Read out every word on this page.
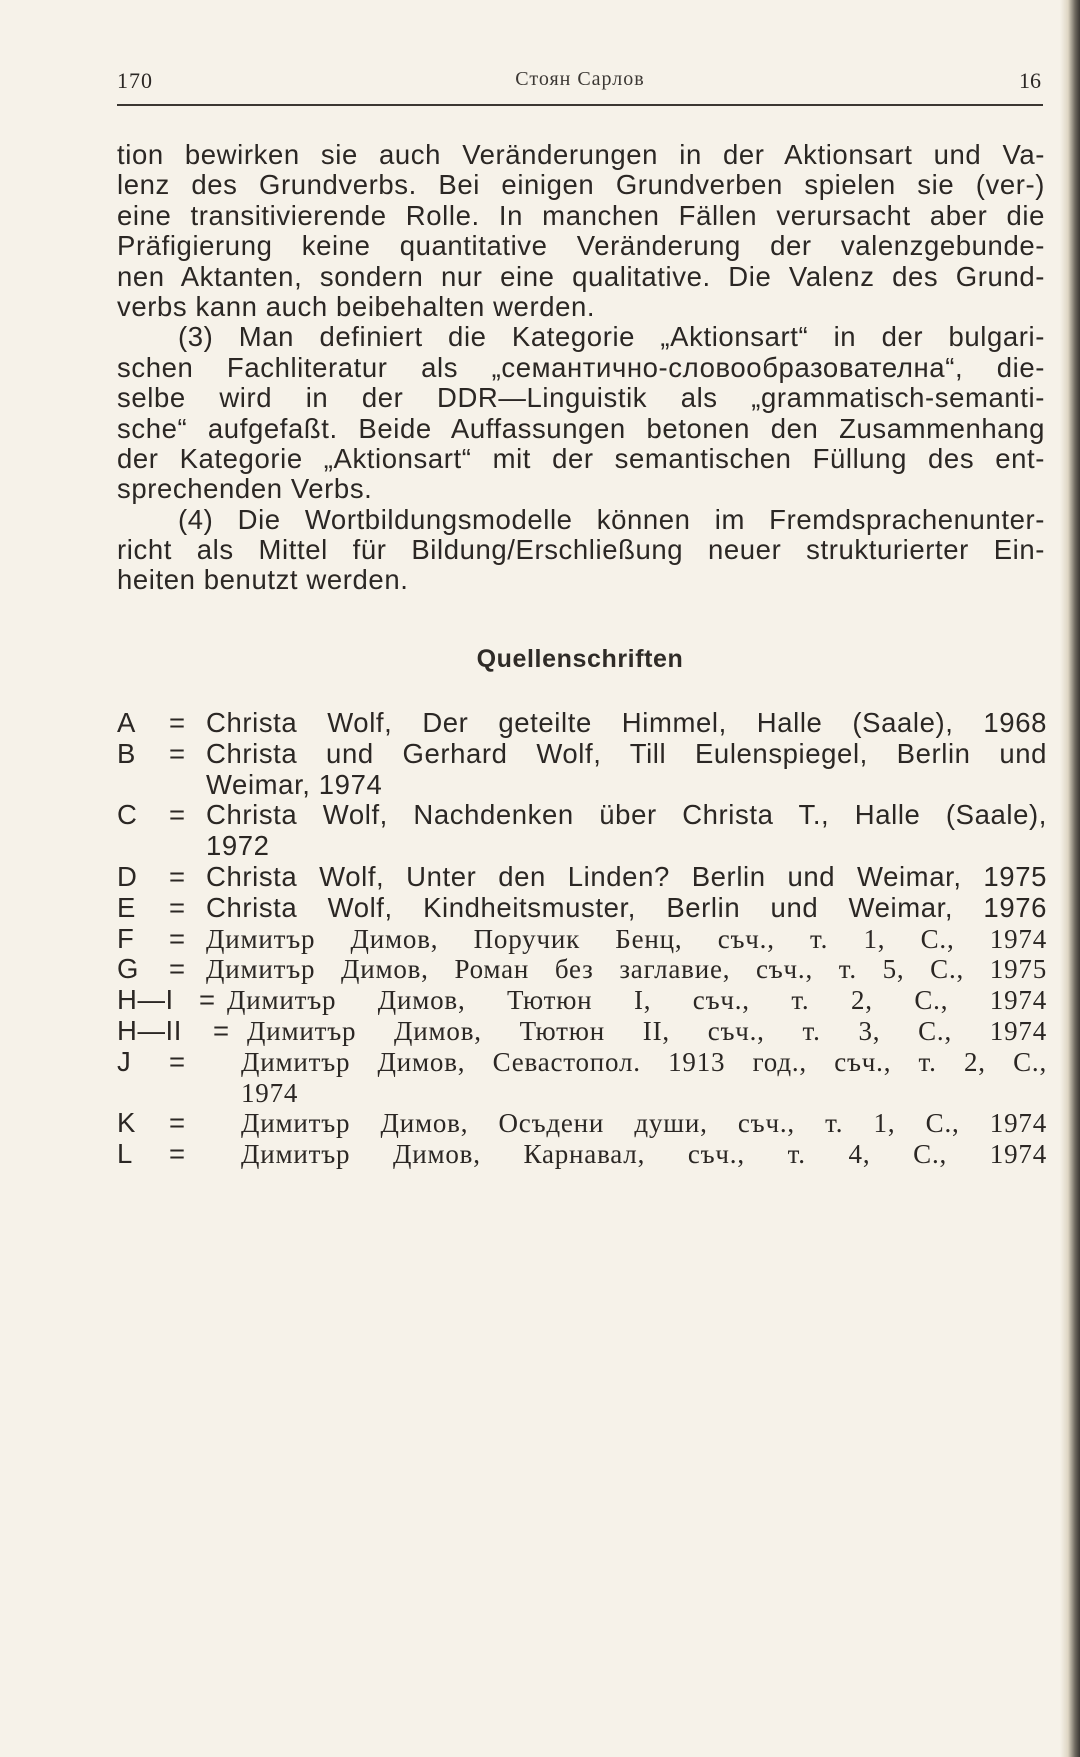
170	Стоян Сарлов	16
tion bewirken sie auch Veränderungen in der Aktionsart und Va-
lenz des Grundverbs. Bei einigen Grundverben spielen sie (ver-)
eine transitivierende Rolle. In manchen Fällen verursacht aber die
Präfigierung keine quantitative Veränderung der valenzgebunde-
nen Aktanten, sondern nur eine qualitative. Die Valenz des Grund-
verbs kann auch beibehalten werden.
(3) Man definiert die Kategorie „Aktionsart“ in der bulgari-
schen Fachliteratur als „семантично-словообразователна“, die-
selbe wird in der DDR—Linguistik als „grammatisch-semanti-
sche“ aufgefaßt. Beide Auffassungen betonen den Zusammenhang
der Kategorie „Aktionsart“ mit der semantischen Füllung des ent-
sprechenden Verbs.
(4) Die Wortbildungsmodelle können im Fremdsprachenunter-
richt als Mittel für Bildung/Erschließung neuer strukturierter Ein-
heiten benutzt werden.
Quellenschriften
A = Christa Wolf, Der geteilte Himmel, Halle (Saale), 1968
B = Christa und Gerhard Wolf, Till Eulenspiegel, Berlin und
Weimar, 1974
C = Christa Wolf, Nachdenken über Christa T., Halle (Saale),
1972
D = Christa Wolf, Unter den Linden? Berlin und Weimar, 1975
E = Christa Wolf, Kindheitsmuster, Berlin und Weimar, 1976
F = Димитър Димов, Поручик Бенц, съч., т. 1, С., 1974
G = Димитър Димов, Роман без заглавие, съч., т. 5, С., 1975
H—I = Димитър Димов, Тютюн I, съч., т. 2, С., 1974
H—II = Димитър Димов, Тютюн II, съч., т. 3, С., 1974
J = Димитър Димов, Севастопол. 1913 год., съч., т. 2, С.,
1974
K = Димитър Димов, Осъдени души, съч., т. 1, С., 1974
L = Димитър Димов, Карнавал, съч., т. 4, С., 1974
